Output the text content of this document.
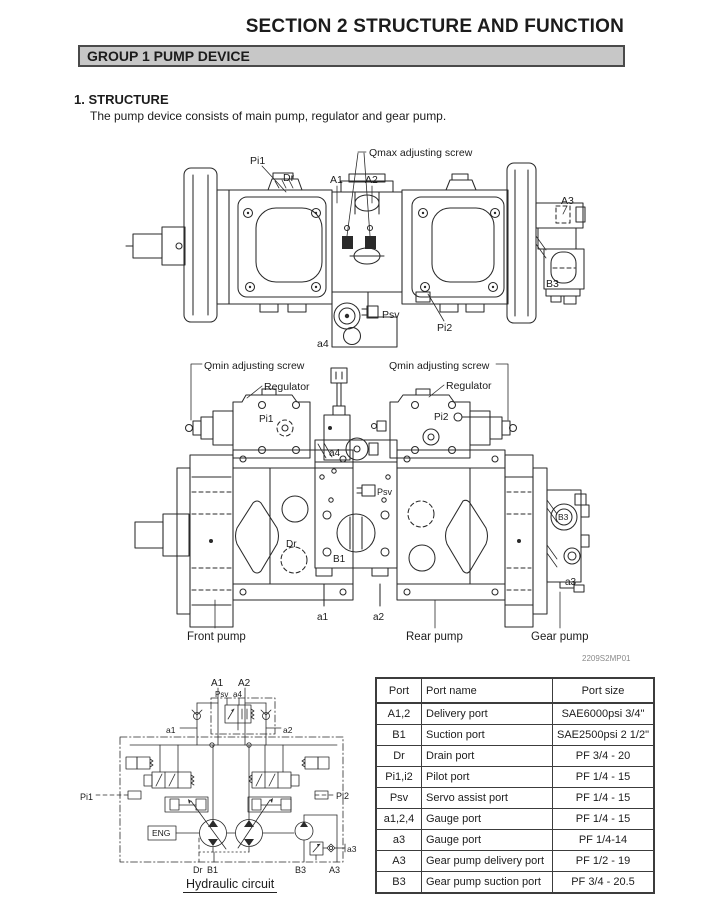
SECTION 2 STRUCTURE AND FUNCTION
GROUP 1 PUMP DEVICE
1. STRUCTURE
The pump device consists of main pump, regulator and gear pump.
Pi1
Dr	A1 A2
Qmax adjusting screw
A3
B3
Psv
Pi2
a4
Qmin adjusting screw
Regulator
Qmin adjusting screw
Regulator
Pi1	Pi2
a4
Psv
Dr
B1
B3
a3
a1	a2
Front pump	Rear pump	Gear pump
A1 A2
Psv a4
a1	a2
Pi1	Pi2
ENG
a3
Dr B1	B3	A3
Hydraulic circuit
2209S2MP01
Port	Port name	Port size
A1,2	Delivery port	SAE6000psi 3/4"
B1	Suction port	SAE2500psi 2 1/2"
Dr	Drain port	PF 3/4 - 20
Pi1,i2	Pilot port	PF 1/4 - 15
Psv	Servo assist port	PF 1/4 - 15
a1,2,4	Gauge port	PF 1/4 - 15
a3	Gauge port	PF 1/4-14
A3	Gear pump delivery port	PF 1/2 - 19
B3	Gear pump suction port	PF 3/4 - 20.5
